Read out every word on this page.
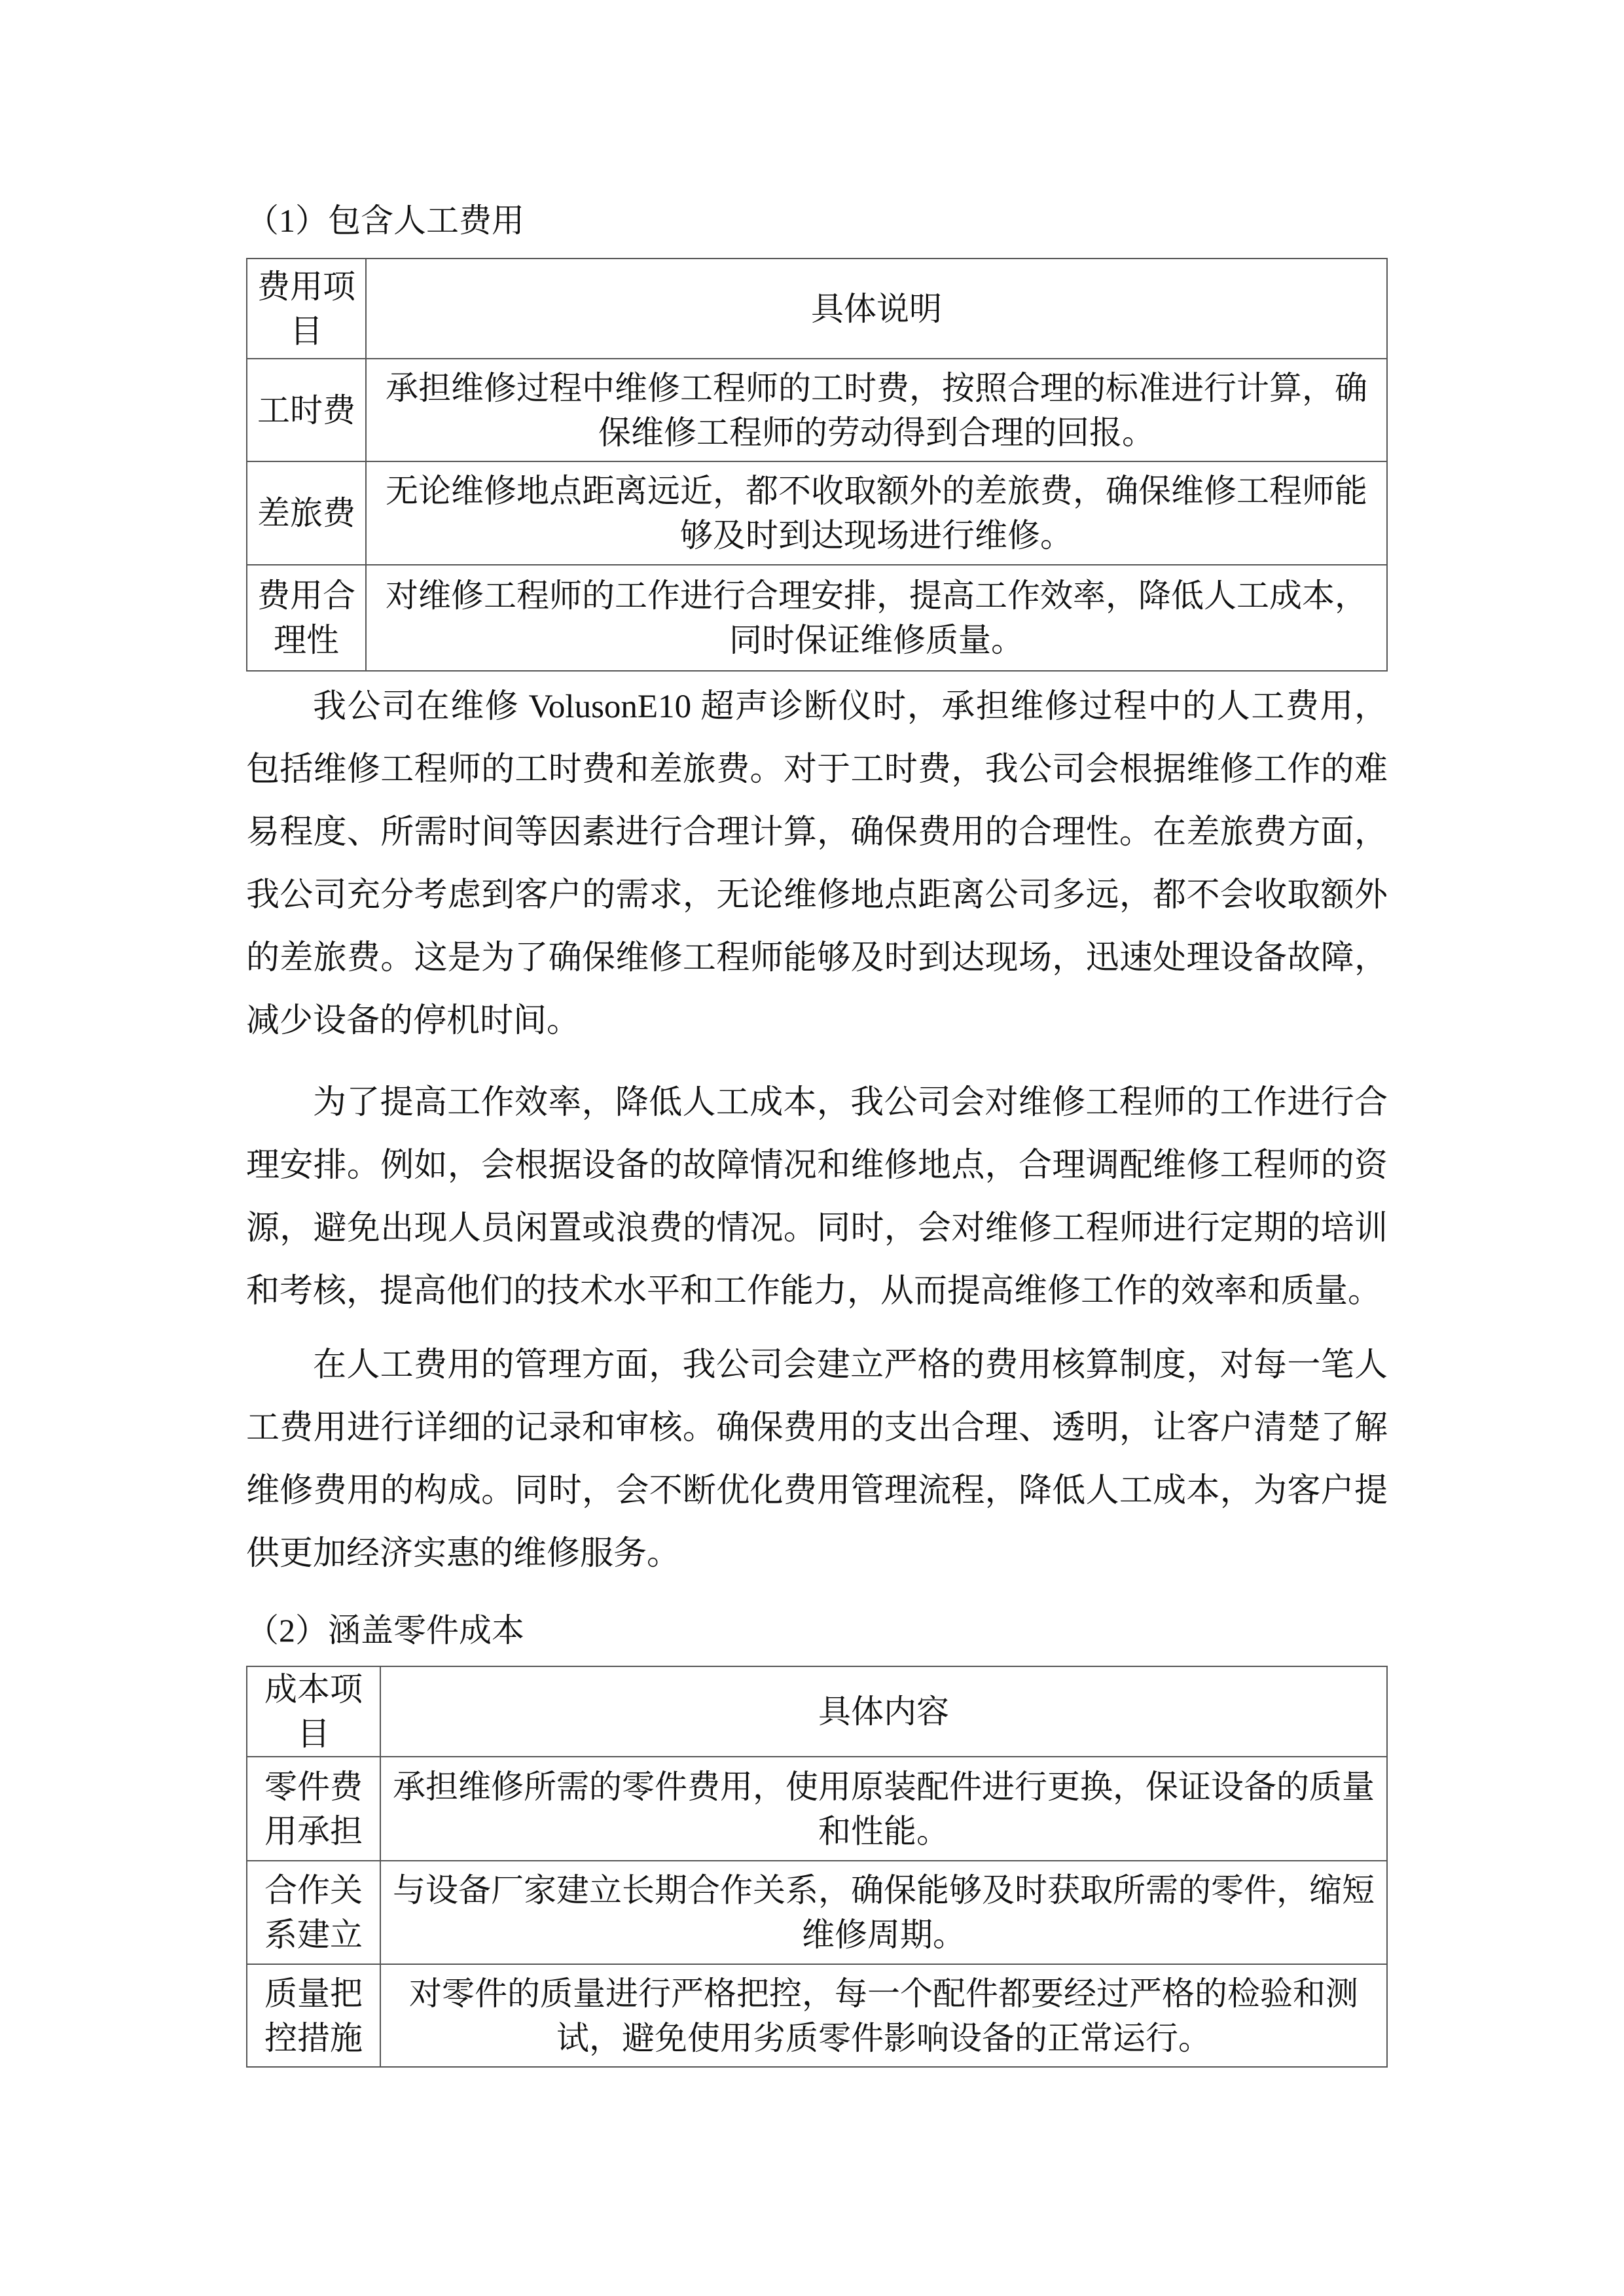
（1）包含人工费用
费用项目	具体说明
工时费	承担维修过程中维修工程师的工时费，按照合理的标准进行计算，确保维修工程师的劳动得到合理的回报。
差旅费	无论维修地点距离远近，都不收取额外的差旅费，确保维修工程师能够及时到达现场进行维修。
费用合理性	对维修工程师的工作进行合理安排，提高工作效率，降低人工成本，同时保证维修质量。

我公司在维修 VolusonE10 超声诊断仪时，承担维修过程中的人工费用，包括维修工程师的工时费和差旅费。对于工时费，我公司会根据维修工作的难易程度、所需时间等因素进行合理计算，确保费用的合理性。在差旅费方面，我公司充分考虑到客户的需求，无论维修地点距离公司多远，都不会收取额外的差旅费。这是为了确保维修工程师能够及时到达现场，迅速处理设备故障，减少设备的停机时间。

为了提高工作效率，降低人工成本，我公司会对维修工程师的工作进行合理安排。例如，会根据设备的故障情况和维修地点，合理调配维修工程师的资源，避免出现人员闲置或浪费的情况。同时，会对维修工程师进行定期的培训和考核，提高他们的技术水平和工作能力，从而提高维修工作的效率和质量。

在人工费用的管理方面，我公司会建立严格的费用核算制度，对每一笔人工费用进行详细的记录和审核。确保费用的支出合理、透明，让客户清楚了解维修费用的构成。同时，会不断优化费用管理流程，降低人工成本，为客户提供更加经济实惠的维修服务。

（2）涵盖零件成本
成本项目	具体内容
零件费用承担	承担维修所需的零件费用，使用原装配件进行更换，保证设备的质量和性能。
合作关系建立	与设备厂家建立长期合作关系，确保能够及时获取所需的零件，缩短维修周期。
质量把控措施	对零件的质量进行严格把控，每一个配件都要经过严格的检验和测试，避免使用劣质零件影响设备的正常运行。
